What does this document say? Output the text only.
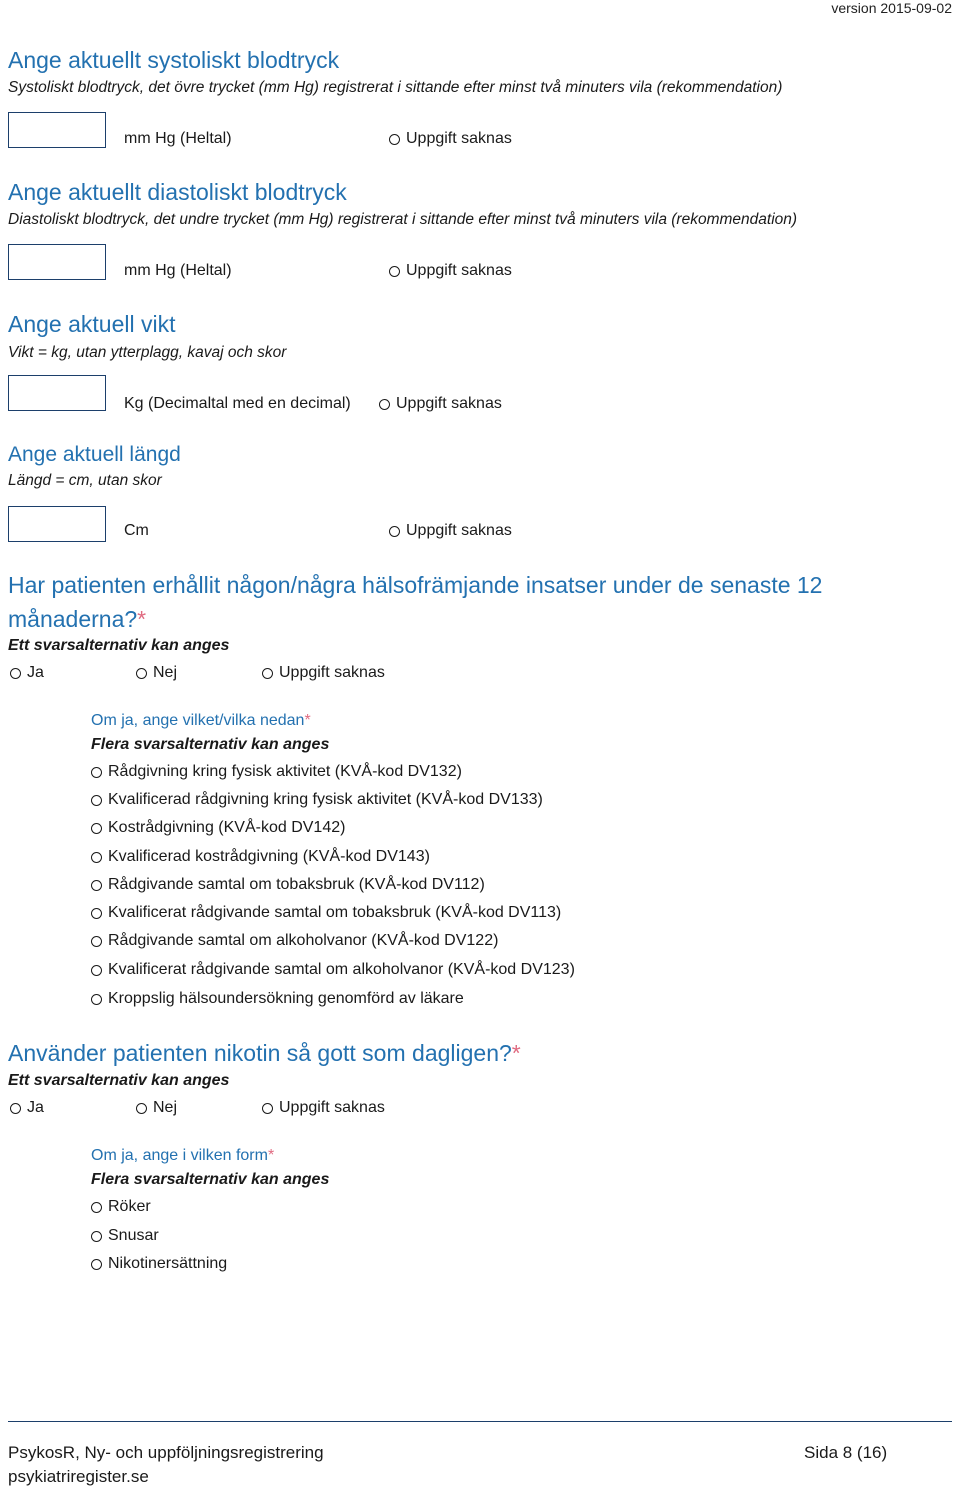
version 2015-09-02
Ange aktuellt systoliskt blodtryck
Systoliskt blodtryck, det övre trycket (mm Hg) registrerat i sittande efter minst två minuters vila (rekommendation)
mm Hg (Heltal)	Uppgift saknas
Ange aktuellt diastoliskt blodtryck
Diastoliskt blodtryck, det undre trycket (mm Hg) registrerat i sittande efter minst två minuters vila (rekommendation)
mm Hg (Heltal)	Uppgift saknas
Ange aktuell vikt
Vikt = kg, utan ytterplagg, kavaj och skor
Kg (Decimaltal med en decimal)	Uppgift saknas
Ange aktuell längd
Längd = cm, utan skor
Cm	Uppgift saknas
Har patienten erhållit någon/några hälsofrämjande insatser under de senaste 12
månaderna?*
Ett svarsalternativ kan anges
Ja	Nej	Uppgift saknas
Om ja, ange vilket/vilka nedan*
Flera svarsalternativ kan anges
Rådgivning kring fysisk aktivitet (KVÅ-kod DV132)
Kvalificerad rådgivning kring fysisk aktivitet (KVÅ-kod DV133)
Kostrådgivning (KVÅ-kod DV142)
Kvalificerad kostrådgivning (KVÅ-kod DV143)
Rådgivande samtal om tobaksbruk (KVÅ-kod DV112)
Kvalificerat rådgivande samtal om tobaksbruk (KVÅ-kod DV113)
Rådgivande samtal om alkoholvanor (KVÅ-kod DV122)
Kvalificerat rådgivande samtal om alkoholvanor (KVÅ-kod DV123)
Kroppslig hälsoundersökning genomförd av läkare
Använder patienten nikotin så gott som dagligen?*
Ett svarsalternativ kan anges
Ja	Nej	Uppgift saknas
Om ja, ange i vilken form*
Flera svarsalternativ kan anges
Röker
Snusar
Nikotinersättning
PsykosR, Ny- och uppföljningsregistrering
psykiatriregister.se
Sida 8 (16)
